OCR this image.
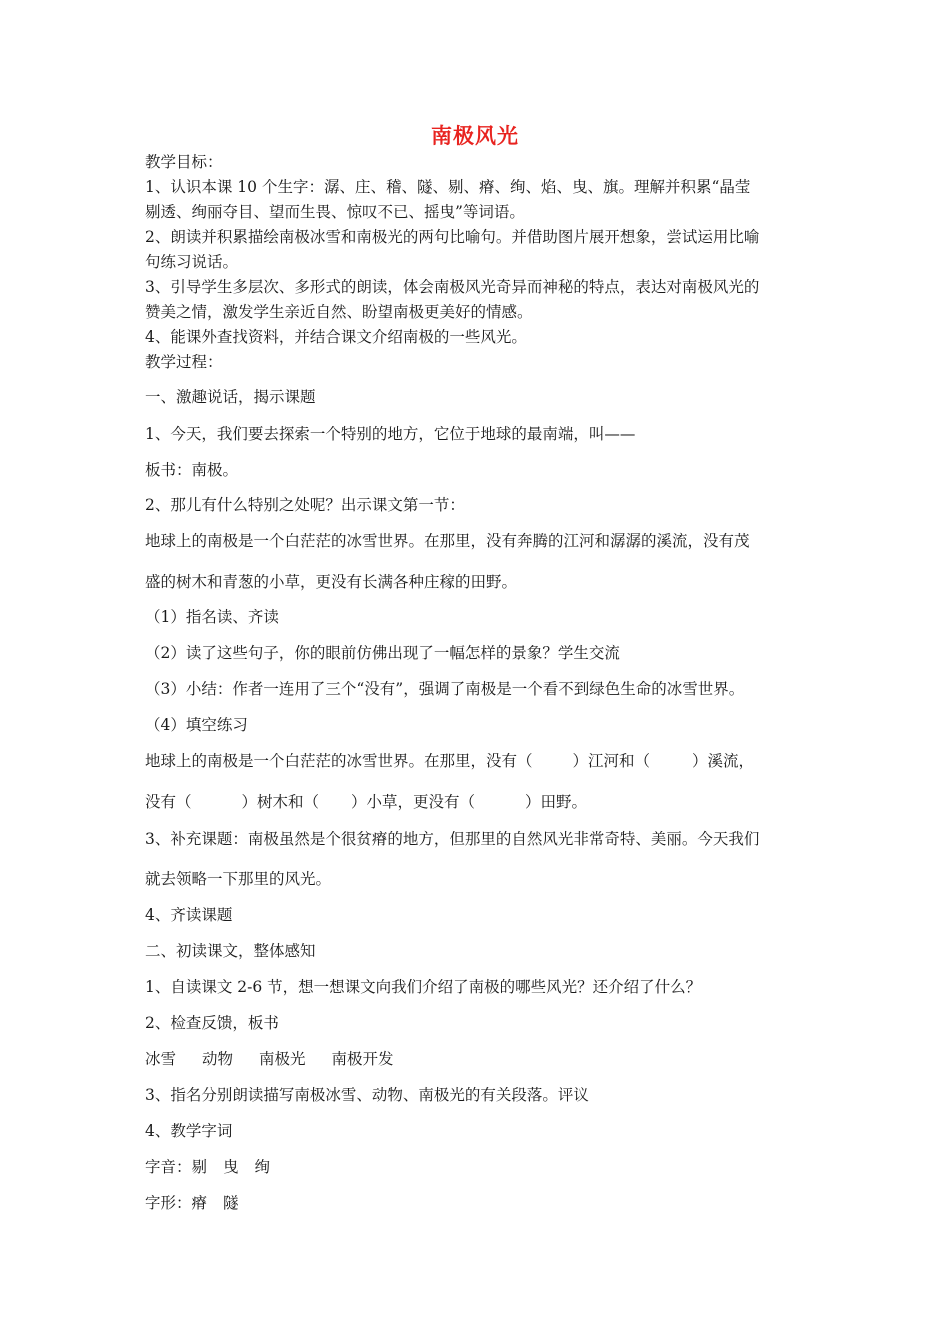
南极风光
教学目标：
1、认识本课 10 个生字：潺、庄、稽、隧、剔、瘠、绚、焰、曳、旗。理解并积累“晶莹
剔透、绚丽夺目、望而生畏、惊叹不已、摇曳”等词语。
2、朗读并积累描绘南极冰雪和南极光的两句比喻句。并借助图片展开想象，尝试运用比喻
句练习说话。
3、引导学生多层次、多形式的朗读，体会南极风光奇异而神秘的特点，表达对南极风光的
赞美之情，激发学生亲近自然、盼望南极更美好的情感。
4、能课外查找资料，并结合课文介绍南极的一些风光。
教学过程：
一、激趣说话，揭示课题
1、今天，我们要去探索一个特别的地方，它位于地球的最南端，叫——
板书：南极。
2、那儿有什么特别之处呢？出示课文第一节：
地球上的南极是一个白茫茫的冰雪世界。在那里，没有奔腾的江河和潺潺的溪流，没有茂
盛的树木和青葱的小草，更没有长满各种庄稼的田野。
（1）指名读、齐读
（2）读了这些句子，你的眼前仿佛出现了一幅怎样的景象？学生交流
（3）小结：作者一连用了三个“没有”，强调了南极是一个看不到绿色生命的冰雪世界。
（4）填空练习
地球上的南极是一个白茫茫的冰雪世界。在那里，没有（	）江河和（	）溪流，
没有（	）树木和（ ）小草，更没有（	）田野。
3、补充课题：南极虽然是个很贫瘠的地方，但那里的自然风光非常奇特、美丽。今天我们
就去领略一下那里的风光。
4、齐读课题
二、初读课文，整体感知
1、自读课文 2-6 节，想一想课文向我们介绍了南极的哪些风光？还介绍了什么？
2、检查反馈，板书
冰雪 动物 南极光 南极开发
3、指名分别朗读描写南极冰雪、动物、南极光的有关段落。评议
4、教学字词
字音：剔 曳 绚
字形：瘠 隧
